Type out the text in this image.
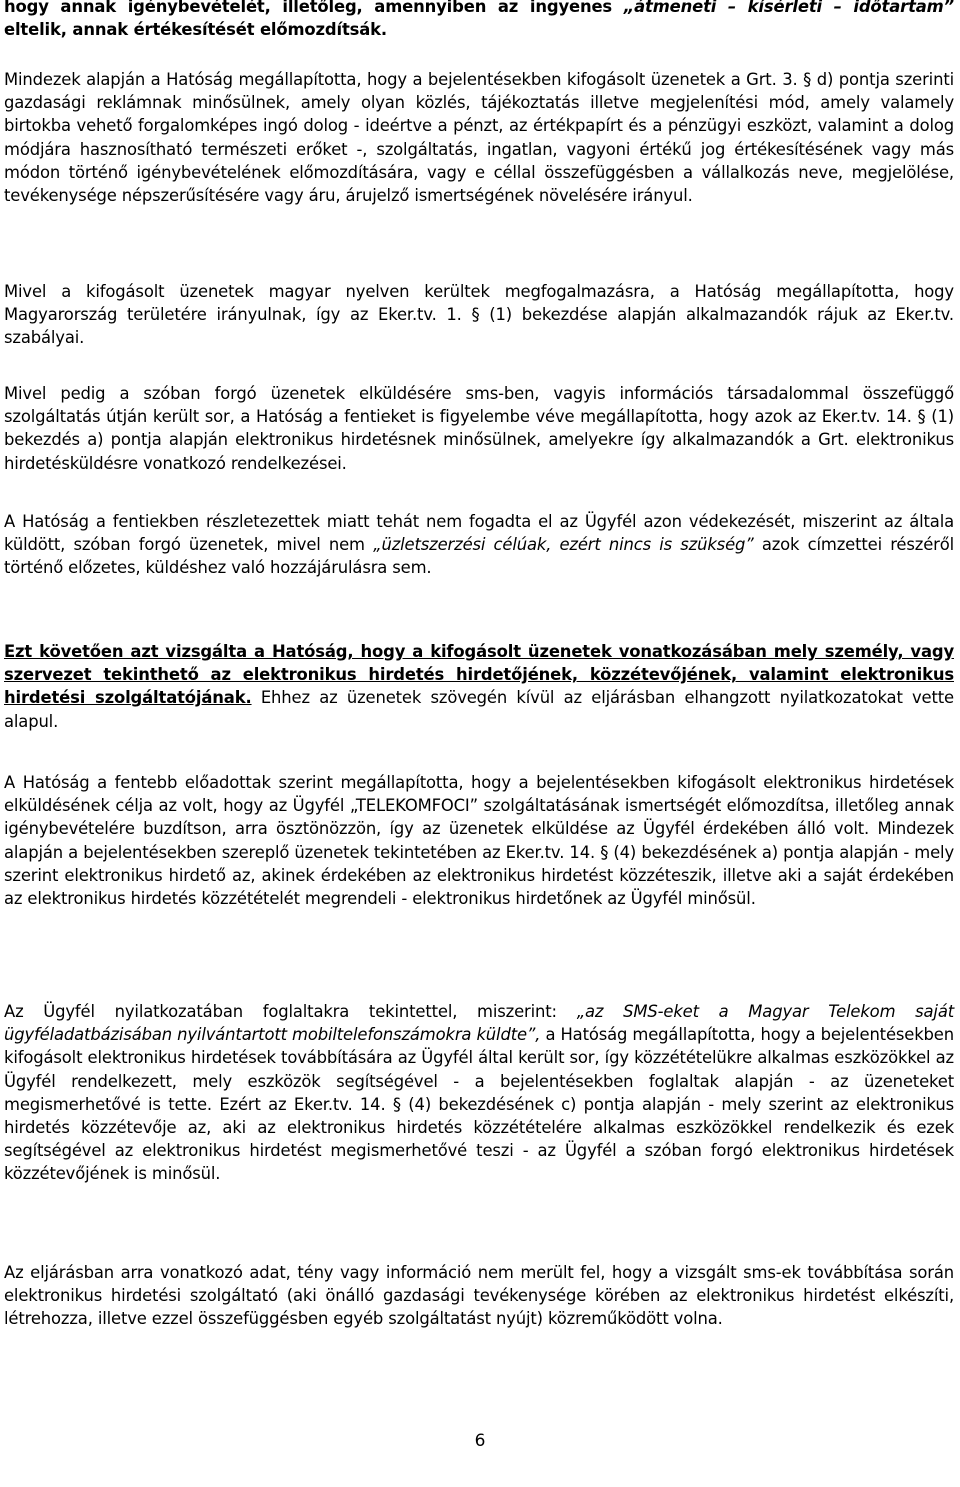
hogy annak igénybevételét, illetőleg, amennyiben az ingyenes „átmeneti – kísérleti – időtartam” eltelik, annak értékesítését előmozdítsák.

Mindezek alapján a Hatóság megállapította, hogy a bejelentésekben kifogásolt üzenetek a Grt. 3. § d) pontja szerinti gazdasági reklámnak minősülnek, amely olyan közlés, tájékoztatás illetve megjelenítési mód, amely valamely birtokba vehető forgalomképes ingó dolog - ideértve a pénzt, az értékpapírt és a pénzügyi eszközt, valamint a dolog módjára hasznosítható természeti erőket -, szolgáltatás, ingatlan, vagyoni értékű jog értékesítésének vagy más módon történő igénybevételének előmozdítására, vagy e céllal összefüggésben a vállalkozás neve, megjelölése, tevékenysége népszerűsítésére vagy áru, árujelző ismertségének növelésére irányul.

Mivel a kifogásolt üzenetek magyar nyelven kerültek megfogalmazásra, a Hatóság megállapította, hogy Magyarország területére irányulnak, így az Eker.tv. 1. § (1) bekezdése alapján alkalmazandók rájuk az Eker.tv. szabályai.

Mivel pedig a szóban forgó üzenetek elküldésére sms-ben, vagyis információs társadalommal összefüggő szolgáltatás útján került sor, a Hatóság a fentieket is figyelembe véve megállapította, hogy azok az Eker.tv. 14. § (1) bekezdés a) pontja alapján elektronikus hirdetésnek minősülnek, amelyekre így alkalmazandók a Grt. elektronikus hirdetésküldésre vonatkozó rendelkezései.

A Hatóság a fentiekben részletezettek miatt tehát nem fogadta el az Ügyfél azon védekezését, miszerint az általa küldött, szóban forgó üzenetek, mivel nem „üzletszerzési célúak, ezért nincs is szükség” azok címzettei részéről történő előzetes, küldéshez való hozzájárulásra sem.

Ezt követően azt vizsgálta a Hatóság, hogy a kifogásolt üzenetek vonatkozásában mely személy, vagy szervezet tekinthető az elektronikus hirdetés hirdetőjének, közzétevőjének, valamint elektronikus hirdetési szolgáltatójának. Ehhez az üzenetek szövegén kívül az eljárásban elhangzott nyilatkozatokat vette alapul.

A Hatóság a fentebb előadottak szerint megállapította, hogy a bejelentésekben kifogásolt elektronikus hirdetések elküldésének célja az volt, hogy az Ügyfél „TELEKOMFOCI” szolgáltatásának ismertségét előmozdítsa, illetőleg annak igénybevételére buzdítson, arra ösztönözzön, így az üzenetek elküldése az Ügyfél érdekében álló volt. Mindezek alapján a bejelentésekben szereplő üzenetek tekintetében az Eker.tv. 14. § (4) bekezdésének a) pontja alapján - mely szerint elektronikus hirdető az, akinek érdekében az elektronikus hirdetést közzéteszik, illetve aki a saját érdekében az elektronikus hirdetés közzétételét megrendeli - elektronikus hirdetőnek az Ügyfél minősül.

Az Ügyfél nyilatkozatában foglaltakra tekintettel, miszerint: „az SMS-eket a Magyar Telekom saját ügyféladatbázisában nyilvántartott mobiltelefonszámokra küldte”, a Hatóság megállapította, hogy a bejelentésekben kifogásolt elektronikus hirdetések továbbítására az Ügyfél által került sor, így közzétételükre alkalmas eszközökkel az Ügyfél rendelkezett, mely eszközök segítségével - a bejelentésekben foglaltak alapján - az üzeneteket megismerhetővé is tette. Ezért az Eker.tv. 14. § (4) bekezdésének c) pontja alapján - mely szerint az elektronikus hirdetés közzétevője az, aki az elektronikus hirdetés közzétételére alkalmas eszközökkel rendelkezik és ezek segítségével az elektronikus hirdetést megismerhetővé teszi - az Ügyfél a szóban forgó elektronikus hirdetések közzétevőjének is minősül.

Az eljárásban arra vonatkozó adat, tény vagy információ nem merült fel, hogy a vizsgált sms-ek továbbítása során elektronikus hirdetési szolgáltató (aki önálló gazdasági tevékenysége körében az elektronikus hirdetést elkészíti, létrehozza, illetve ezzel összefüggésben egyéb szolgáltatást nyújt) közreműködött volna.

6
